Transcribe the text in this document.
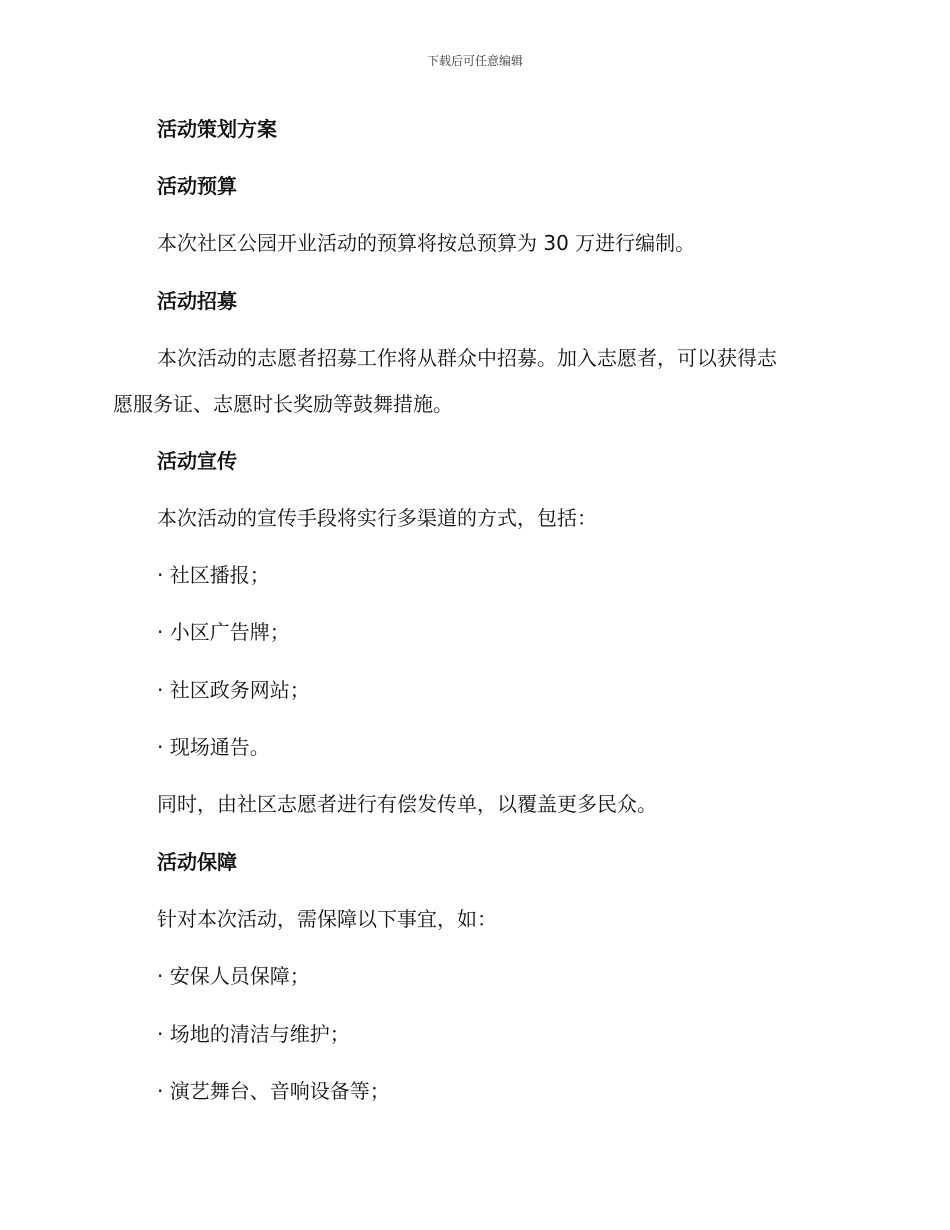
下载后可任意编辑
活动策划方案
活动预算
本次社区公园开业活动的预算将按总预算为 30 万进行编制。
活动招募
本次活动的志愿者招募工作将从群众中招募。加入志愿者，可以获得志
愿服务证、志愿时长奖励等鼓舞措施。
活动宣传
本次活动的宣传手段将实行多渠道的方式，包括：
· 社区播报；
· 小区广告牌；
· 社区政务网站；
· 现场通告。
同时，由社区志愿者进行有偿发传单，以覆盖更多民众。
活动保障
针对本次活动，需保障以下事宜，如：
· 安保人员保障；
· 场地的清洁与维护；
· 演艺舞台、音响设备等；
